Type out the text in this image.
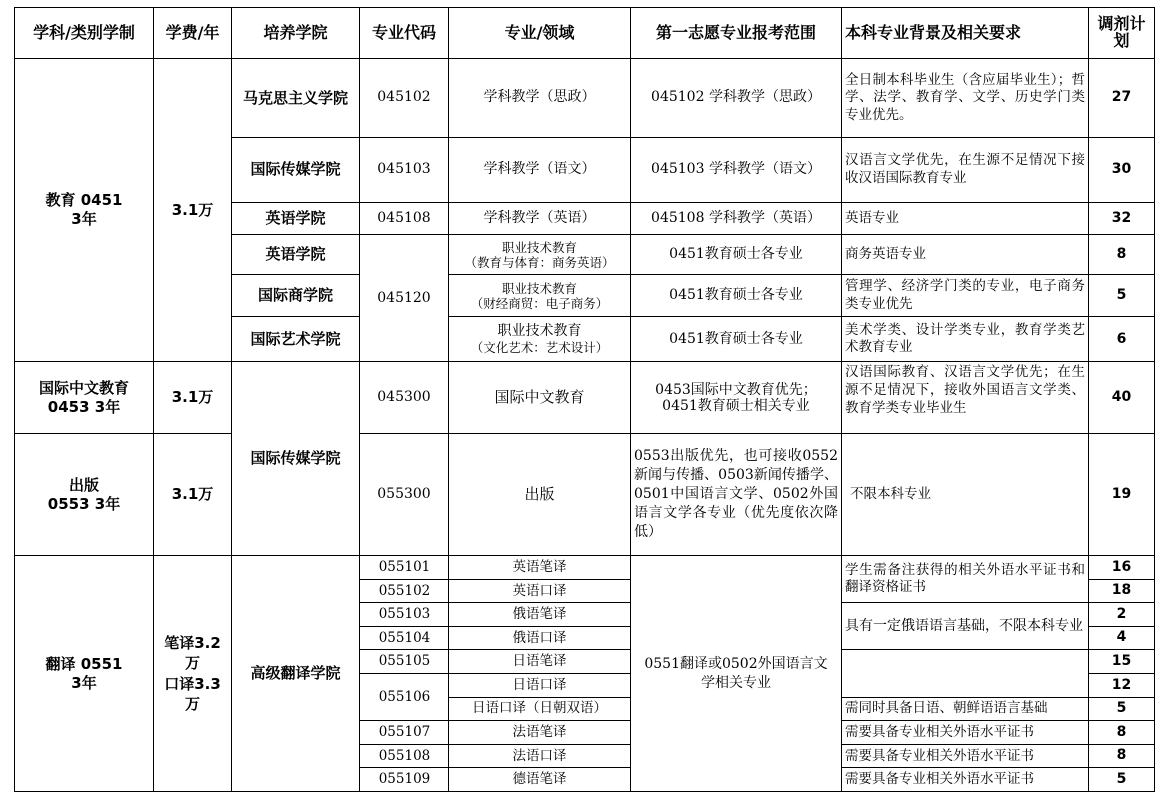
学科/类别学制	学费/年	培养学院	专业代码	专业/领域	第一志愿专业报考范围	本科专业背景及相关要求	调剂计划

教育 0451
3年	3.1万	马克思主义学院	045102	学科教学（思政）	045102 学科教学（思政）	全日制本科毕业生（含应届毕业生）；哲学、法学、教育学、文学、历史学门类专业优先。	27
		国际传媒学院	045103	学科教学（语文）	045103 学科教学（语文）	汉语言文学优先，在生源不足情况下接收汉语国际教育专业	30
		英语学院	045108	学科教学（英语）	045108 学科教学（英语）	英语专业	32
		英语学院	045120	职业技术教育
（教育与体育：商务英语）	0451教育硕士各专业	商务英语专业	8
		国际商学院		职业技术教育
（财经商贸：电子商务）	0451教育硕士各专业	管理学、经济学门类的专业，电子商务类专业优先	5
		国际艺术学院		职业技术教育
（文化艺术：艺术设计）	0451教育硕士各专业	美术学类、设计学类专业，教育学类艺术教育专业	6

国际中文教育
0453 3年	3.1万	国际传媒学院	045300	国际中文教育	0453国际中文教育优先；
0451教育硕士相关专业	汉语国际教育、汉语言文学优先；在生源不足情况下，接收外国语言文学类、教育学类专业毕业生	40

出版
0553 3年	3.1万		055300	出版	0553出版优先，也可接收0552新闻与传播、0503新闻传播学、0501中国语言文学、0502外国语言文学各专业（优先度依次降低）	不限本科专业	19

翻译 0551
3年	笔译3.2
万
口译3.3
万	高级翻译学院	055101	英语笔译	0551翻译或0502外国语言文学相关专业	学生需备注获得的相关外语水平证书和翻译资格证书	16
			055102	英语口译			18
			055103	俄语笔译		具有一定俄语语言基础，不限本科专业	2
			055104	俄语口译			4
			055105	日语笔译			15
			055106	日语口译			12
				日语口译（日朝双语）		需同时具备日语、朝鲜语语言基础	5
			055107	法语笔译		需要具备专业相关外语水平证书	8
			055108	法语口译		需要具备专业相关外语水平证书	8
			055109	德语笔译		需要具备专业相关外语水平证书	5
